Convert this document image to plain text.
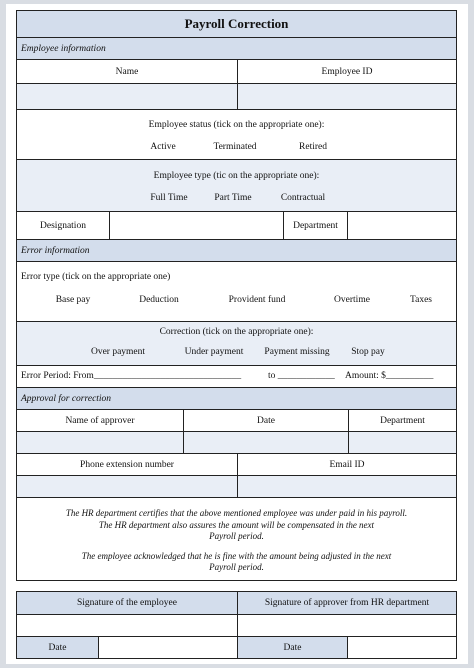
Payroll Correction
Employee information
Name	Employee ID
Employee status (tick on the appropriate one):
Active	Terminated	Retired
Employee type (tic on the appropriate one):
Full Time	Part Time	Contractual
Designation	Department
Error information
Error type (tick on the appropriate one)
Base pay	Deduction	Provident fund	Overtime	Taxes
Correction (tick on the appropriate one):
Over payment	Under payment Payment missing Stop pay
Error Period: From_______________________________	to ____________ Amount: $__________
Approval for correction
Name of approver	Date	Department
Phone extension number	Email ID
The HR department certifies that the above mentioned employee was under paid in his payroll.
The HR department also assures the amount will be compensated in the next
Payroll period.
The employee acknowledged that he is fine with the amount being adjusted in the next
Payroll period.
Signature of the employee	Signature of approver from HR department
Date	Date
